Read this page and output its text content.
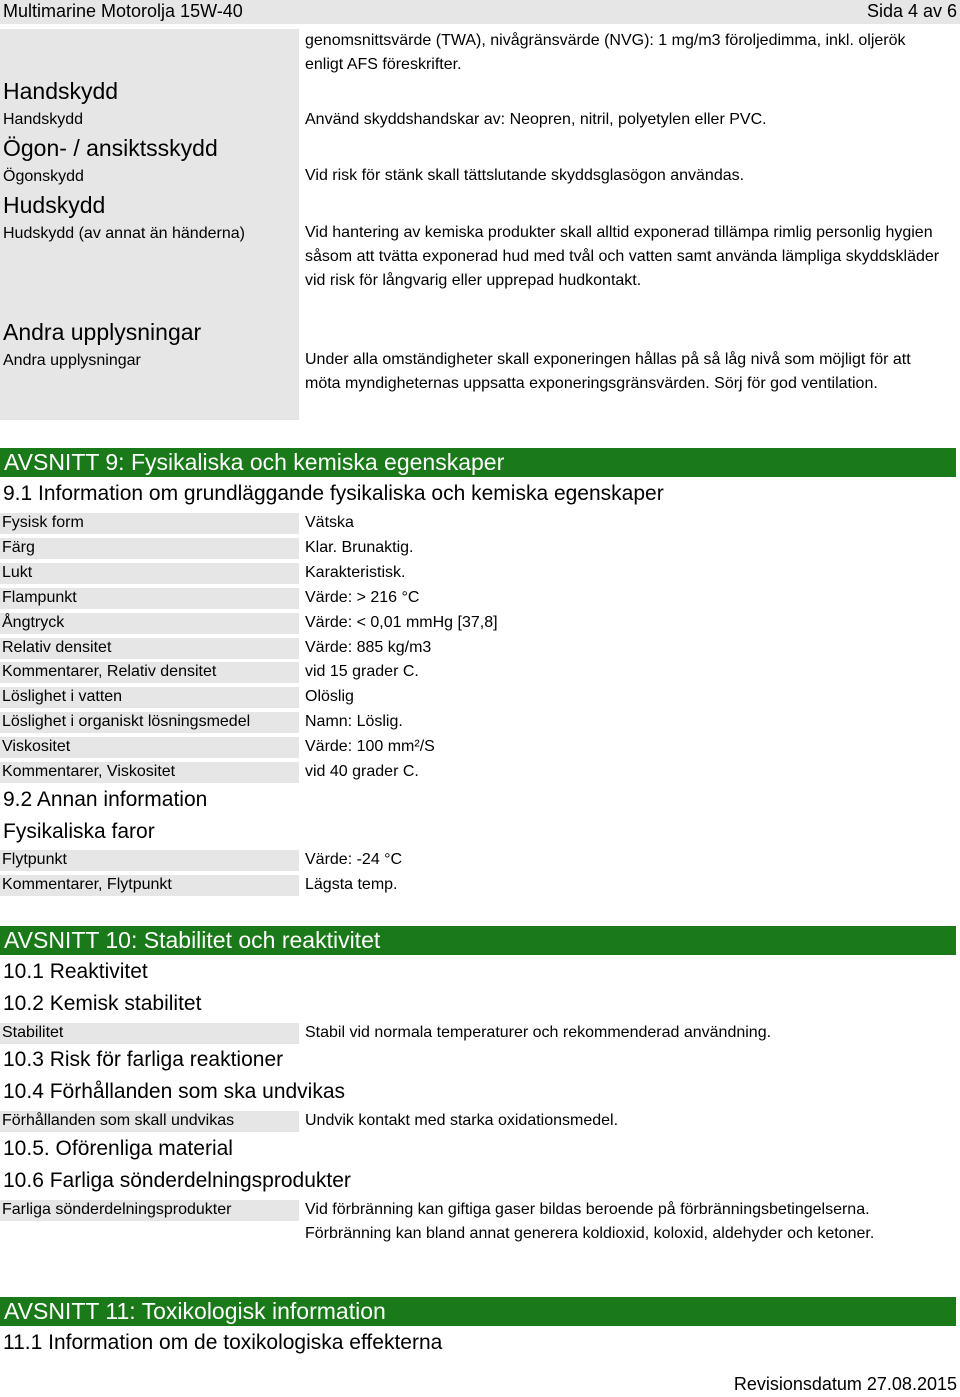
Multimarine Motorolja 15W-40	Sida 4 av 6
genomsnittsvärde (TWA), nivågränsvärde (NVG): 1 mg/m3 föroljedimma, inkl. oljerök enligt AFS föreskrifter.
Handskydd
Handskydd	Använd skyddshandskar av: Neopren, nitril, polyetylen eller PVC.
Ögon- / ansiktsskydd
Ögonskydd	Vid risk för stänk skall tättslutande skyddsglasögon användas.
Hudskydd
Hudskydd (av annat än händerna)	Vid hantering av kemiska produkter skall alltid exponerad tillämpa rimlig personlig hygien såsom att tvätta exponerad hud med tvål och vatten samt använda lämpliga skyddskläder vid risk för långvarig eller upprepad hudkontakt.
Andra upplysningar
Andra upplysningar	Under alla omständigheter skall exponeringen hållas på så låg nivå som möjligt för att möta myndigheternas uppsatta exponeringsgränsvärden. Sörj för god ventilation.
AVSNITT 9: Fysikaliska och kemiska egenskaper
9.1 Information om grundläggande fysikaliska och kemiska egenskaper
Fysisk form	Vätska
Färg	Klar. Brunaktig.
Lukt	Karakteristisk.
Flampunkt	Värde: > 216 °C
Ångtryck	Värde: < 0,01 mmHg [37,8]
Relativ densitet	Värde: 885 kg/m3
Kommentarer, Relativ densitet	vid 15 grader C.
Löslighet i vatten	Olöslig
Löslighet i organiskt lösningsmedel	Namn: Löslig.
Viskositet	Värde: 100 mm²/S
Kommentarer, Viskositet	vid 40 grader C.
9.2 Annan information
Fysikaliska faror
Flytpunkt	Värde: -24 °C
Kommentarer, Flytpunkt	Lägsta temp.
AVSNITT 10: Stabilitet och reaktivitet
10.1 Reaktivitet
10.2 Kemisk stabilitet
Stabilitet	Stabil vid normala temperaturer och rekommenderad användning.
10.3 Risk för farliga reaktioner
10.4 Förhållanden som ska undvikas
Förhållanden som skall undvikas	Undvik kontakt med starka oxidationsmedel.
10.5. Oförenliga material
10.6 Farliga sönderdelningsprodukter
Farliga sönderdelningsprodukter	Vid förbränning kan giftiga gaser bildas beroende på förbränningsbetingelserna. Förbränning kan bland annat generera koldioxid, koloxid, aldehyder och ketoner.
AVSNITT 11: Toxikologisk information
11.1 Information om de toxikologiska effekterna
Revisionsdatum 27.08.2015
